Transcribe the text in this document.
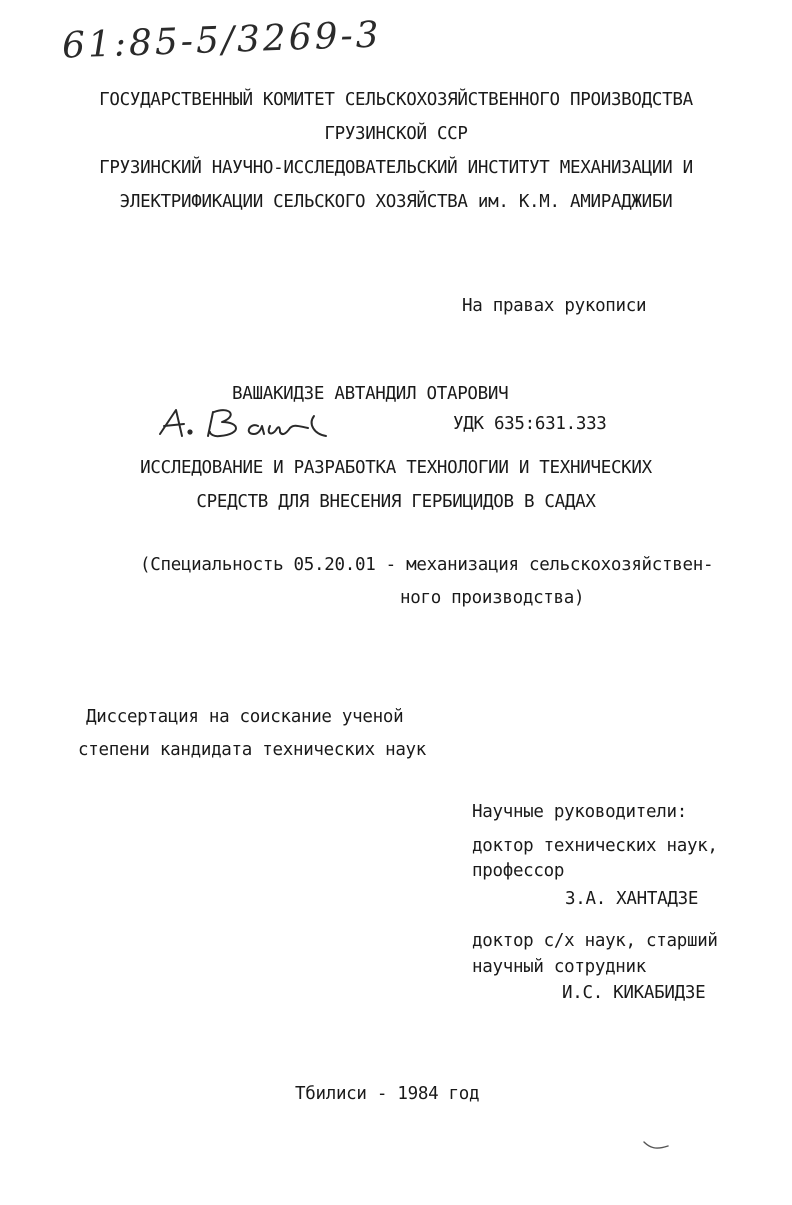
61:85-5/3269-3
ГОСУДАРСТВЕННЫЙ КОМИТЕТ СЕЛЬСКОХОЗЯЙСТВЕННОГО ПРОИЗВОДСТВА
ГРУЗИНСКОЙ ССР
ГРУЗИНСКИЙ НАУЧНО-ИССЛЕДОВАТЕЛЬСКИЙ ИНСТИТУТ МЕХАНИЗАЦИИ И
ЭЛЕКТРИФИКАЦИИ СЕЛЬСКОГО ХОЗЯЙСТВА им. К.М. АМИРАДЖИБИ
На правах рукописи
ВАШАКИДЗЕ АВТАНДИЛ ОТАРОВИЧ
УДК 635:631.333
ИССЛЕДОВАНИЕ И РАЗРАБОТКА ТЕХНОЛОГИИ И ТЕХНИЧЕСКИХ
СРЕДСТВ ДЛЯ ВНЕСЕНИЯ ГЕРБИЦИДОВ В САДАХ
(Специальность 05.20.01 - механизация сельскохозяйствен-
ного производства)
Диссертация на соискание ученой
степени кандидата технических наук
Научные руководители:
доктор технических наук,
профессор
З.А. ХАНТАДЗЕ
доктор с/х наук, старший
научный сотрудник
И.С. КИКАБИДЗЕ
Тбилиси - 1984 год
